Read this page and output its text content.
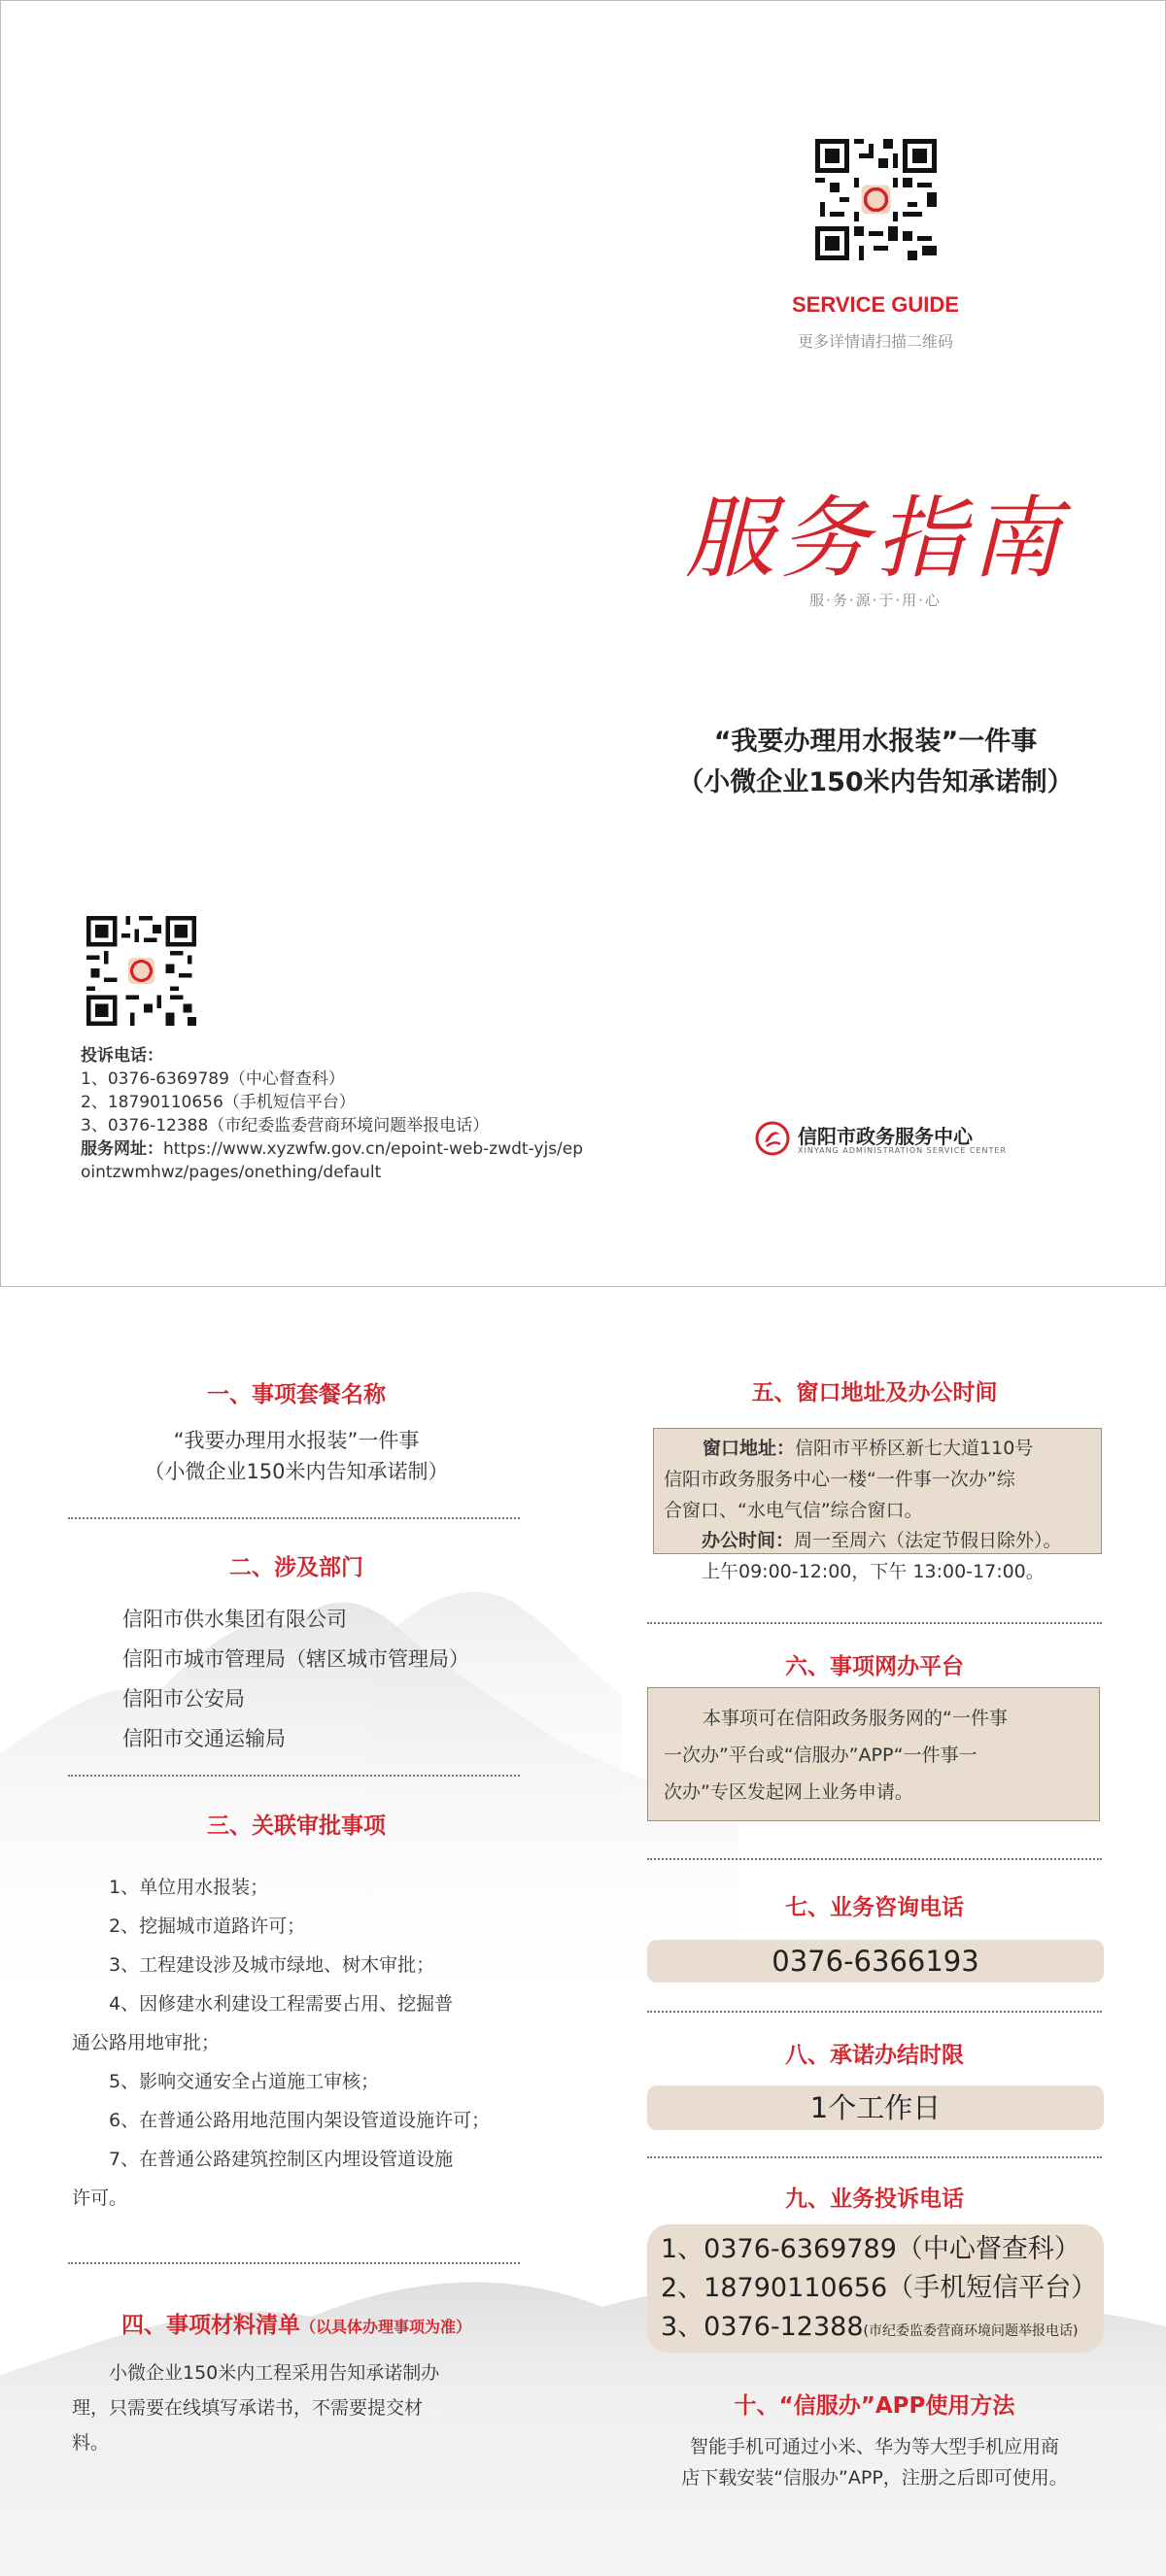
SERVICE GUIDE
更多详情请扫描二维码
服务指南
服·务·源·于·用·心
“我要办理用水报装”一件事
（小微企业150米内告知承诺制）
投诉电话：
1、0376-6369789（中心督查科）
2、18790110656（手机短信平台）
3、0376-12388（市纪委监委营商环境问题举报电话）
服务网址：https://www.xyzwfw.gov.cn/epoint-web-zwdt-yjs/epointzwmhwz/pages/onething/default
信阳市政务服务中心
XINYANG ADMINISTRATION SERVICE CENTER
一、事项套餐名称
“我要办理用水报装”一件事
（小微企业150米内告知承诺制）
二、涉及部门
信阳市供水集团有限公司
信阳市城市管理局（辖区城市管理局）
信阳市公安局
信阳市交通运输局
三、关联审批事项
1、单位用水报装；
2、挖掘城市道路许可；
3、工程建设涉及城市绿地、树木审批；
4、因修建水利建设工程需要占用、挖掘普
通公路用地审批；
5、影响交通安全占道施工审核；
6、在普通公路用地范围内架设管道设施许可；
7、在普通公路建筑控制区内埋设管道设施
许可。
四、事项材料清单（以具体办理事项为准）
小微企业150米内工程采用告知承诺制办
理，只需要在线填写承诺书，不需要提交材
料。
五、窗口地址及办公时间
窗口地址：信阳市平桥区新七大道110号
信阳市政务服务中心一楼“一件事一次办”综
合窗口、“水电气信”综合窗口。
办公时间：周一至周六（法定节假日除外）。
上午09:00-12:00，下午 13:00-17:00。
六、事项网办平台
本事项可在信阳政务服务网的“一件事
一次办”平台或“信服办”APP“一件事一
次办”专区发起网上业务申请。
七、业务咨询电话
0376-6366193
八、承诺办结时限
1个工作日
九、业务投诉电话
1、0376-6369789（中心督查科）
2、18790110656（手机短信平台）
3、0376-12388(市纪委监委营商环境问题举报电话)
十、“信服办”APP使用方法
智能手机可通过小米、华为等大型手机应用商
店下载安装“信服办”APP，注册之后即可使用。
